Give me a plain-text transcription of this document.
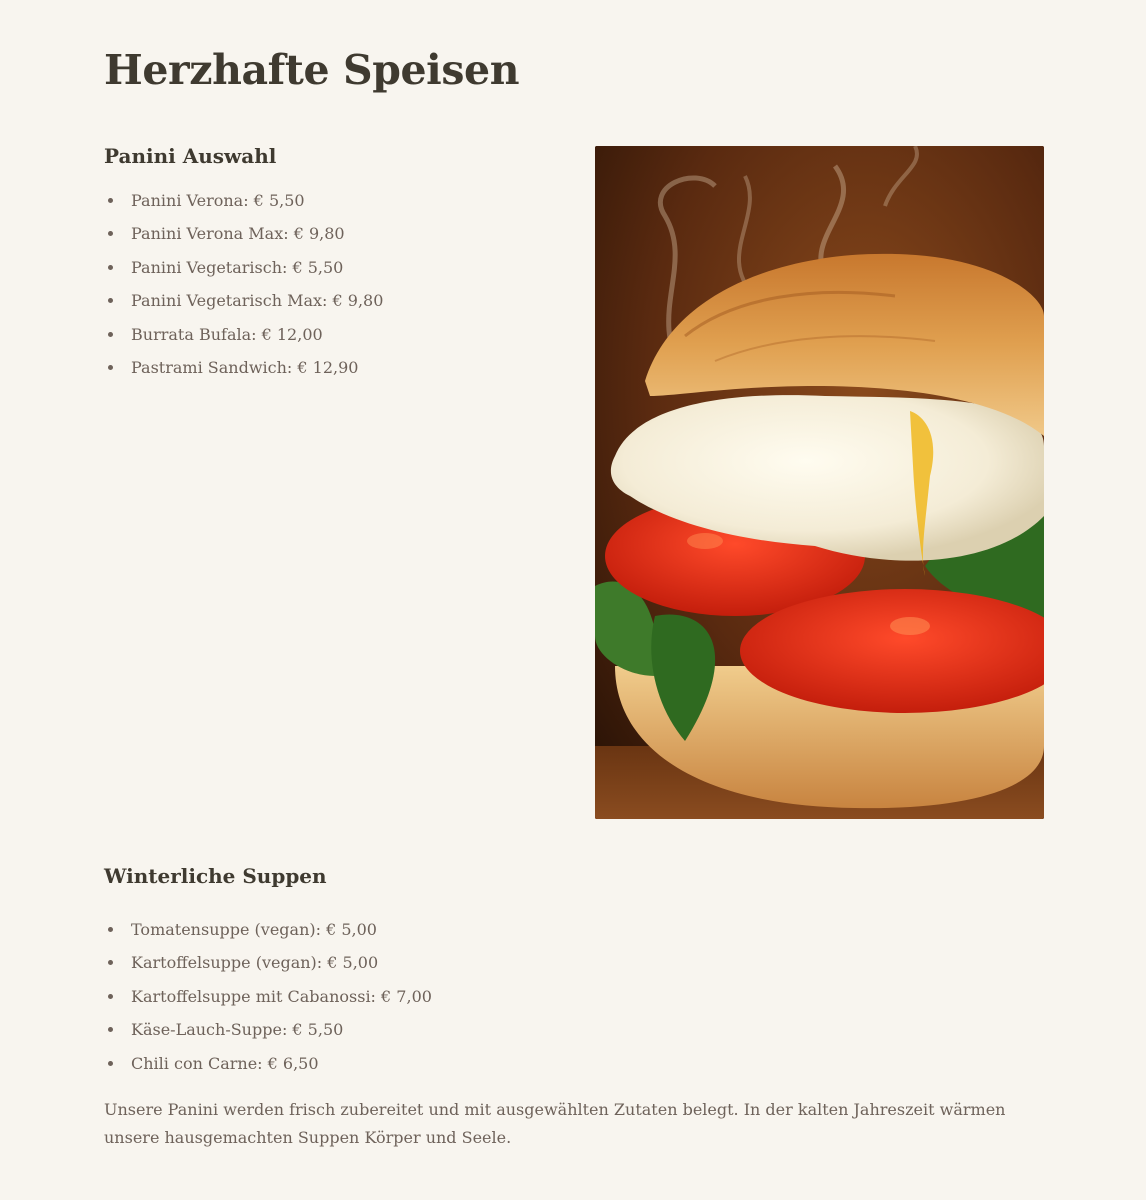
Herzhafte Speisen
Panini Auswahl
Panini Verona: € 5,50
Panini Verona Max: € 9,80
Panini Vegetarisch: € 5,50
Panini Vegetarisch Max: € 9,80
Burrata Bufala: € 12,00
Pastrami Sandwich: € 12,90
Winterliche Suppen
Tomatensuppe (vegan): € 5,00
Kartoffelsuppe (vegan): € 5,00
Kartoffelsuppe mit Cabanossi: € 7,00
Käse-Lauch-Suppe: € 5,50
Chili con Carne: € 6,50

Unsere Panini werden frisch zubereitet und mit ausgewählten Zutaten belegt. In der kalten Jahreszeit wärmen unsere hausgemachten Suppen Körper und Seele.
